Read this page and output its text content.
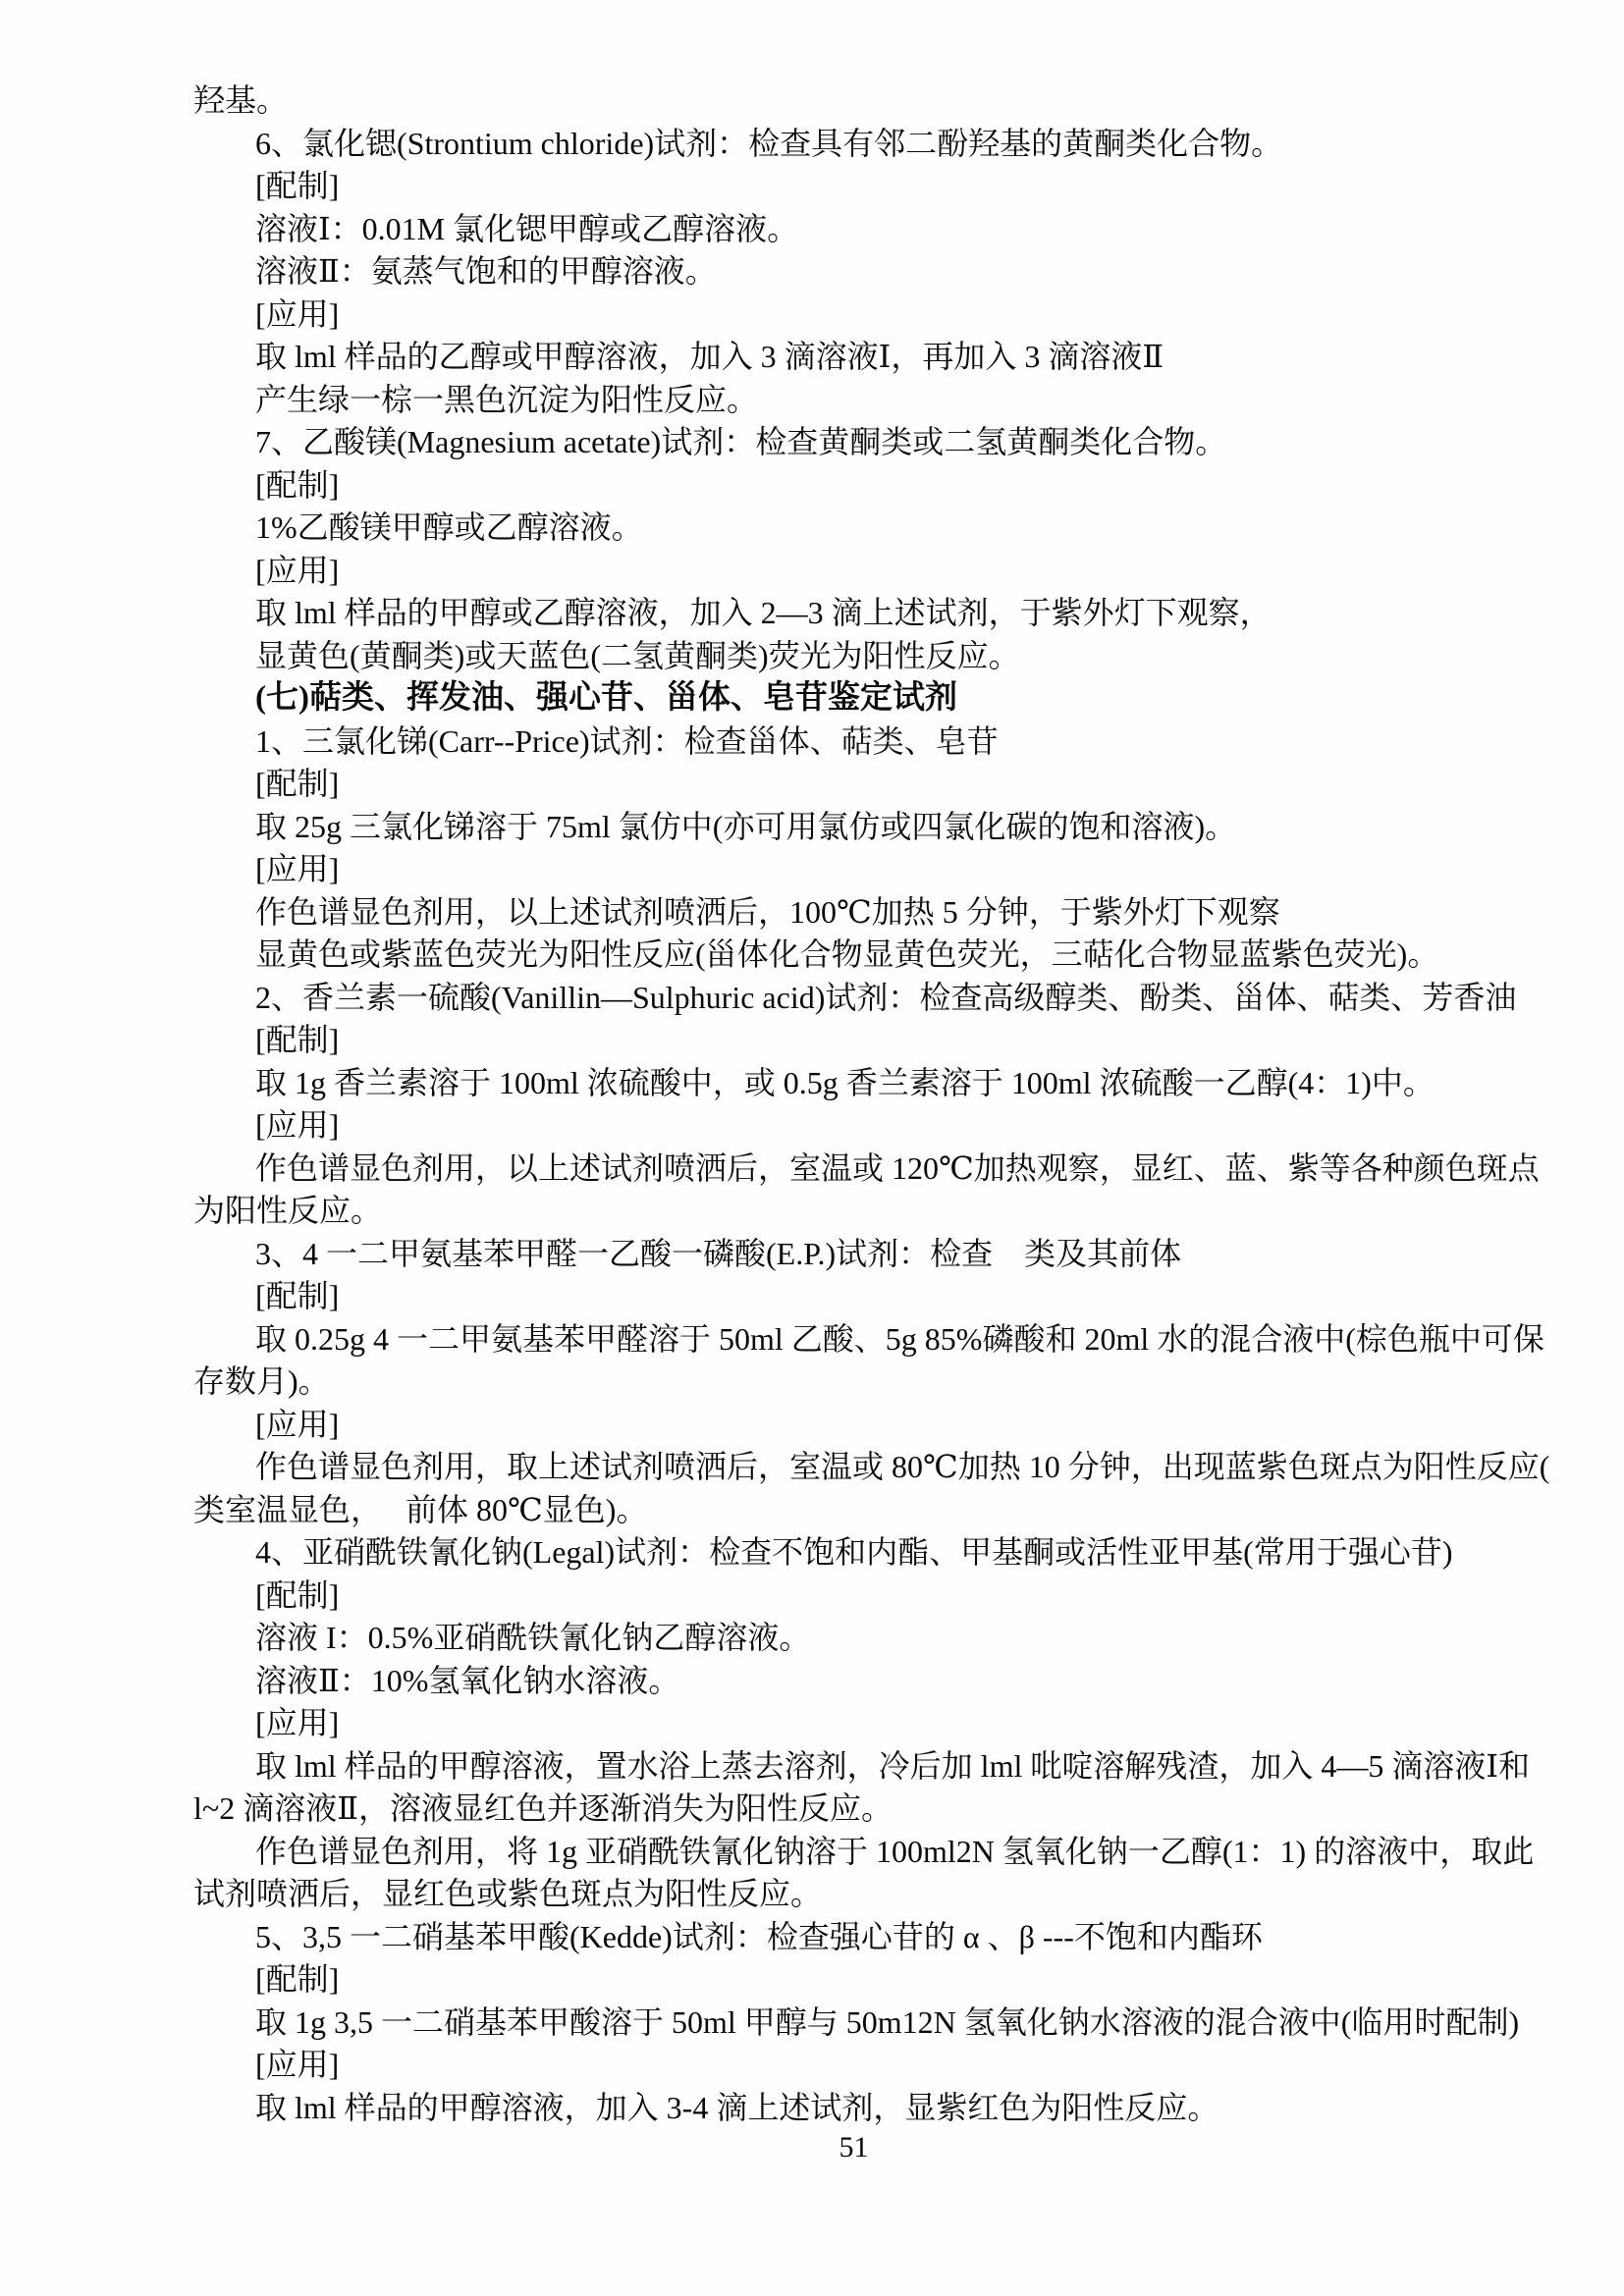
羟基。
6、氯化锶(Strontium chloride)试剂：检查具有邻二酚羟基的黄酮类化合物。
[配制]
溶液Ⅰ：0.01M 氯化锶甲醇或乙醇溶液。
溶液Ⅱ：氨蒸气饱和的甲醇溶液。
[应用]
取 lml 样品的乙醇或甲醇溶液，加入 3 滴溶液Ⅰ，再加入 3 滴溶液Ⅱ
产生绿一棕一黑色沉淀为阳性反应。
7、乙酸镁(Magnesium acetate)试剂：检查黄酮类或二氢黄酮类化合物。
[配制]
1%乙酸镁甲醇或乙醇溶液。
[应用]
取 lml 样品的甲醇或乙醇溶液，加入 2—3 滴上述试剂，于紫外灯下观察，
显黄色(黄酮类)或天蓝色(二氢黄酮类)荧光为阳性反应。
(七)萜类、挥发油、强心苷、甾体、皂苷鉴定试剂
1、三氯化锑(Carr--Price)试剂：检查甾体、萜类、皂苷
[配制]
取 25g 三氯化锑溶于 75ml 氯仿中(亦可用氯仿或四氯化碳的饱和溶液)。
[应用]
作色谱显色剂用，以上述试剂喷洒后，100℃加热 5 分钟，于紫外灯下观察
显黄色或紫蓝色荧光为阳性反应(甾体化合物显黄色荧光，三萜化合物显蓝紫色荧光)。
2、香兰素一硫酸(Vanillin—Sulphuric acid)试剂：检查高级醇类、酚类、甾体、萜类、芳香油
[配制]
取 1g 香兰素溶于 100ml 浓硫酸中，或 0.5g 香兰素溶于 100ml 浓硫酸一乙醇(4：1)中。
[应用]
作色谱显色剂用，以上述试剂喷洒后，室温或 120℃加热观察，显红、蓝、紫等各种颜色斑点
为阳性反应。
3、4 一二甲氨基苯甲醛一乙酸一磷酸(E.P.)试剂：检查　类及其前体
[配制]
取 0.25g 4 一二甲氨基苯甲醛溶于 50ml 乙酸、5g 85%磷酸和 20ml 水的混合液中(棕色瓶中可保
存数月)。
[应用]
作色谱显色剂用，取上述试剂喷洒后，室温或 80℃加热 10 分钟，出现蓝紫色斑点为阳性反应(
类室温显色，　 前体 80℃显色)。
4、亚硝酰铁氰化钠(Legal)试剂：检查不饱和内酯、甲基酮或活性亚甲基(常用于强心苷)
[配制]
溶液 I：0.5%亚硝酰铁氰化钠乙醇溶液。
溶液Ⅱ：10%氢氧化钠水溶液。
[应用]
取 lml 样品的甲醇溶液，置水浴上蒸去溶剂，冷后加 lml 吡啶溶解残渣，加入 4—5 滴溶液Ⅰ和
l~2 滴溶液Ⅱ，溶液显红色并逐渐消失为阳性反应。
作色谱显色剂用，将 1g 亚硝酰铁氰化钠溶于 100ml2N 氢氧化钠一乙醇(1：1) 的溶液中，取此
试剂喷洒后，显红色或紫色斑点为阳性反应。
5、3,5 一二硝基苯甲酸(Kedde)试剂：检查强心苷的 α 、β ---不饱和内酯环
[配制]
取 1g 3,5 一二硝基苯甲酸溶于 50ml 甲醇与 50m12N 氢氧化钠水溶液的混合液中(临用时配制)
[应用]
取 lml 样品的甲醇溶液，加入 3-4 滴上述试剂，显紫红色为阳性反应。
51
